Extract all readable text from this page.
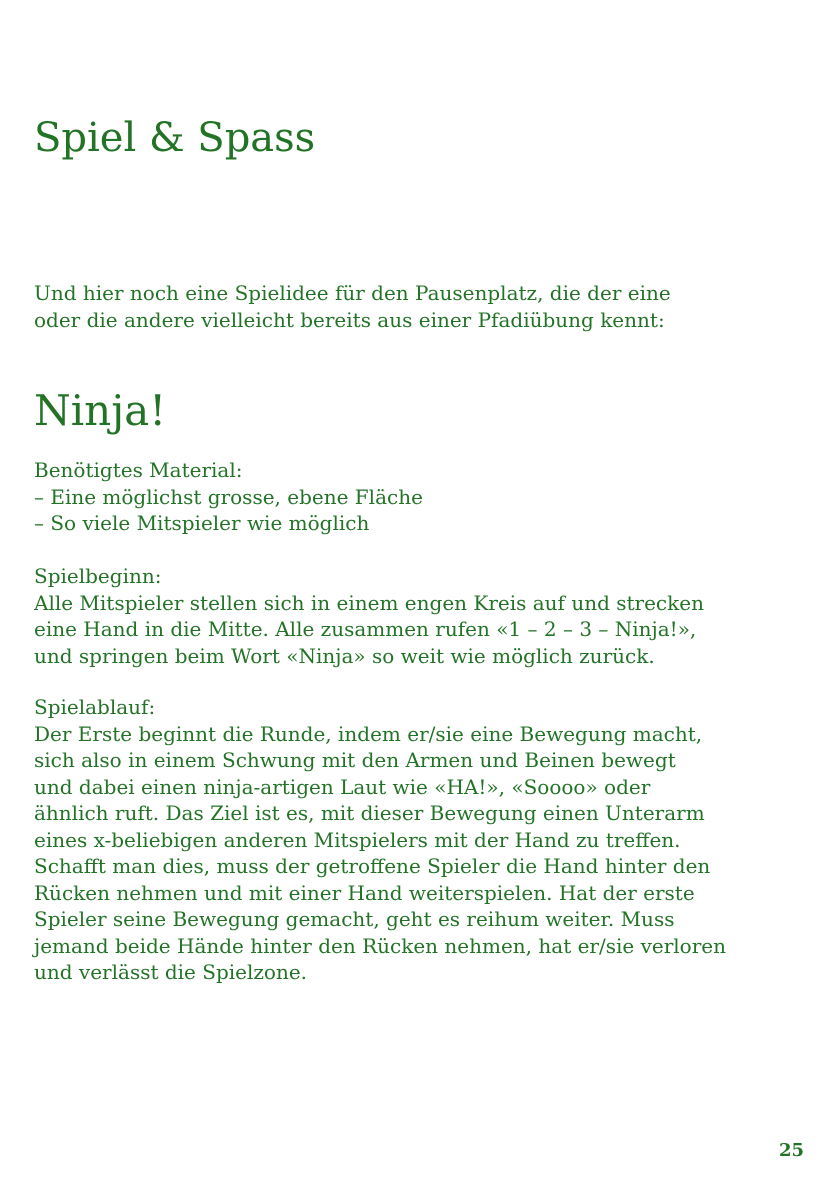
Spiel & Spass

Und hier noch eine Spielidee für den Pausenplatz, die der eine
oder die andere vielleicht bereits aus einer Pfadiübung kennt:

Ninja!
Benötigtes Material:
– Eine möglichst grosse, ebene Fläche
– So viele Mitspieler wie möglich
Spielbeginn:
Alle Mitspieler stellen sich in einem engen Kreis auf und strecken
eine Hand in die Mitte. Alle zusammen rufen «1 – 2 – 3 – Ninja!»,
und springen beim Wort «Ninja» so weit wie möglich zurück.
Spielablauf:
Der Erste beginnt die Runde, indem er/sie eine Bewegung macht,
sich also in einem Schwung mit den Armen und Beinen bewegt
und dabei einen ninja-artigen Laut wie «HA!», «Soooo» oder
ähnlich ruft. Das Ziel ist es, mit dieser Bewegung einen Unterarm
eines x-beliebigen anderen Mitspielers mit der Hand zu treffen.
Schafft man dies, muss der getroffene Spieler die Hand hinter den
Rücken nehmen und mit einer Hand weiterspielen. Hat der erste
Spieler seine Bewegung gemacht, geht es reihum weiter. Muss
jemand beide Hände hinter den Rücken nehmen, hat er/sie verloren
und verlässt die Spielzone.
25
